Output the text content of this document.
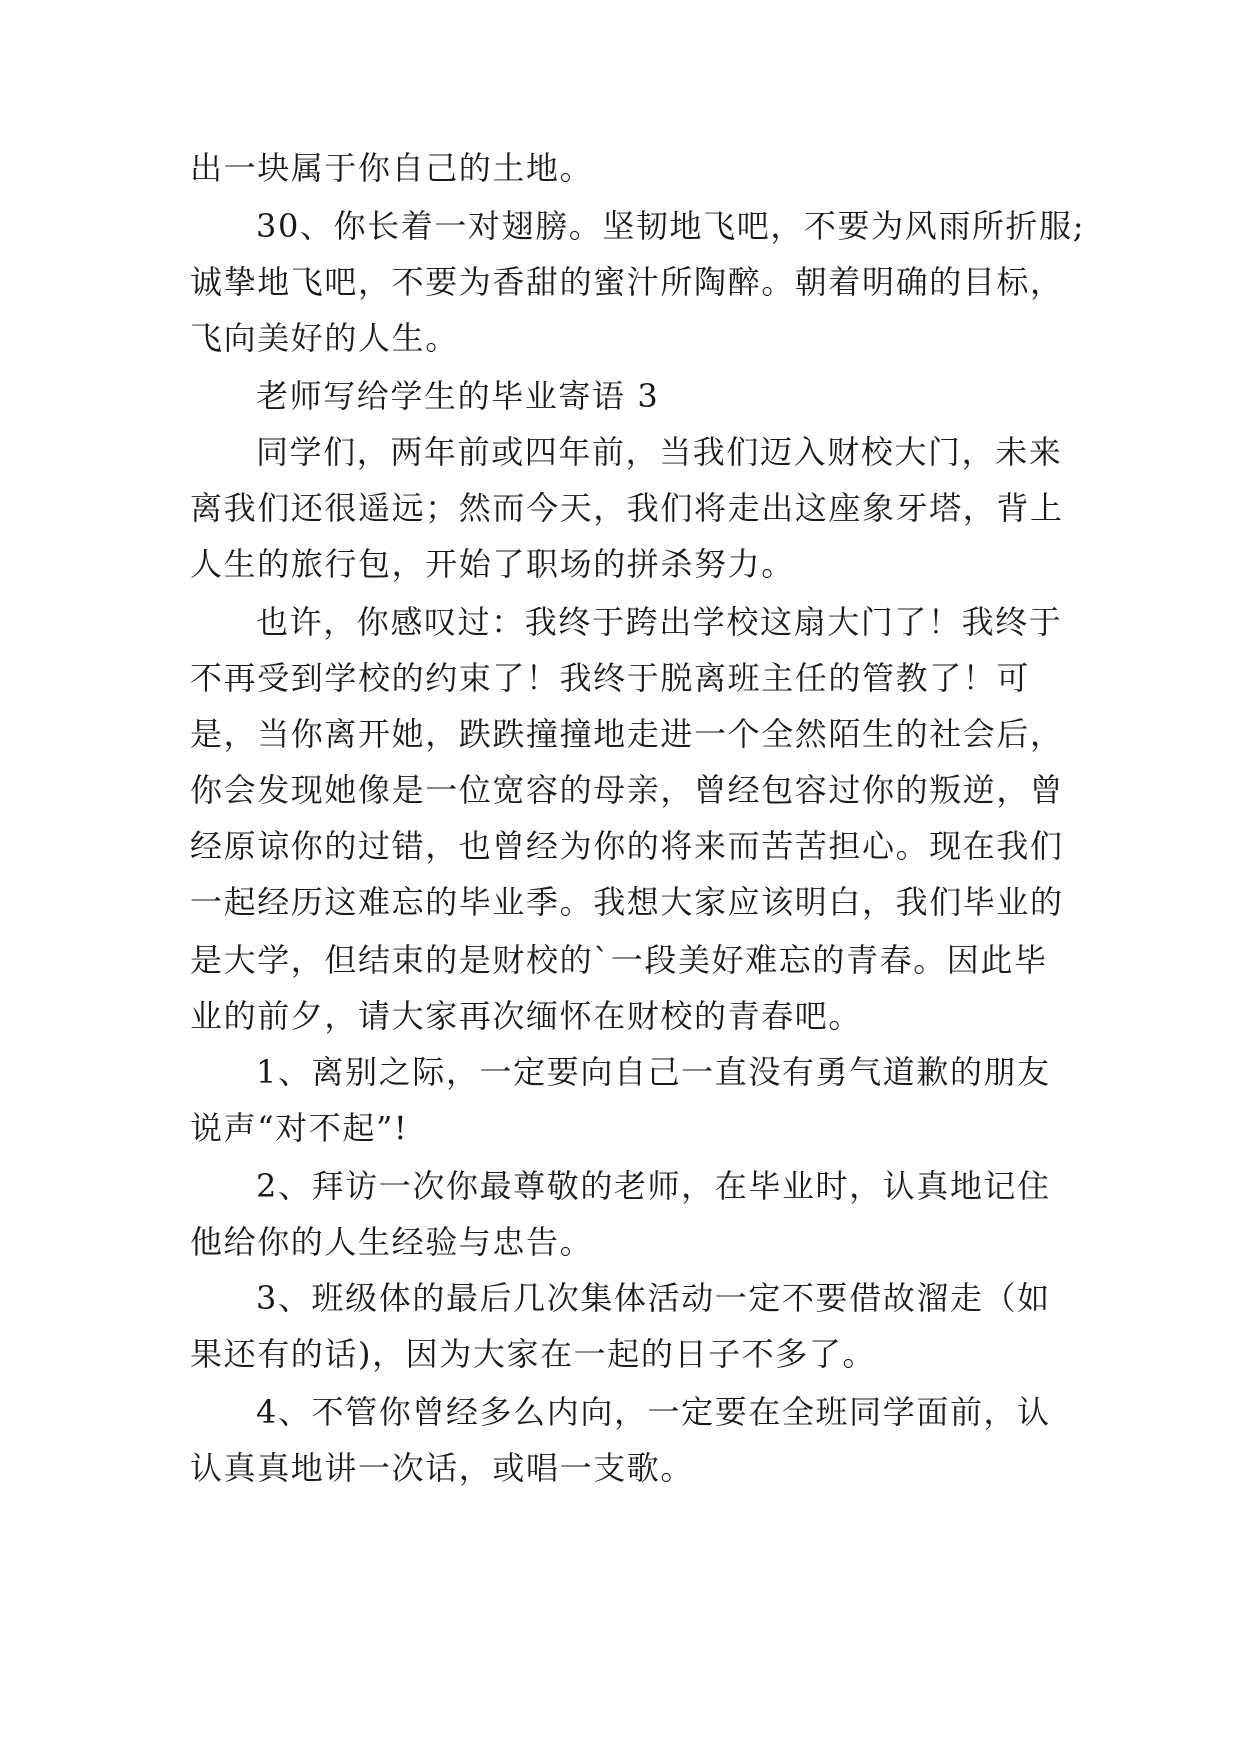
出一块属于你自己的土地。
30、你长着一对翅膀。坚韧地飞吧，不要为风雨所折服;
诚挚地飞吧，不要为香甜的蜜汁所陶醉。朝着明确的目标，
飞向美好的人生。
老师写给学生的毕业寄语 3
同学们，两年前或四年前，当我们迈入财校大门，未来
离我们还很遥远；然而今天，我们将走出这座象牙塔，背上
人生的旅行包，开始了职场的拼杀努力。
也许，你感叹过：我终于跨出学校这扇大门了！我终于
不再受到学校的约束了！我终于脱离班主任的管教了！可
是，当你离开她，跌跌撞撞地走进一个全然陌生的社会后，
你会发现她像是一位宽容的母亲，曾经包容过你的叛逆，曾
经原谅你的过错，也曾经为你的将来而苦苦担心。现在我们
一起经历这难忘的毕业季。我想大家应该明白，我们毕业的
是大学，但结束的是财校的`一段美好难忘的青春。因此毕
业的前夕，请大家再次缅怀在财校的青春吧。
1、离别之际，一定要向自己一直没有勇气道歉的朋友
说声“对不起”!
2、拜访一次你最尊敬的老师，在毕业时，认真地记住
他给你的人生经验与忠告。
3、班级体的最后几次集体活动一定不要借故溜走（如
果还有的话)，因为大家在一起的日子不多了。
4、不管你曾经多么内向，一定要在全班同学面前，认
认真真地讲一次话，或唱一支歌。
